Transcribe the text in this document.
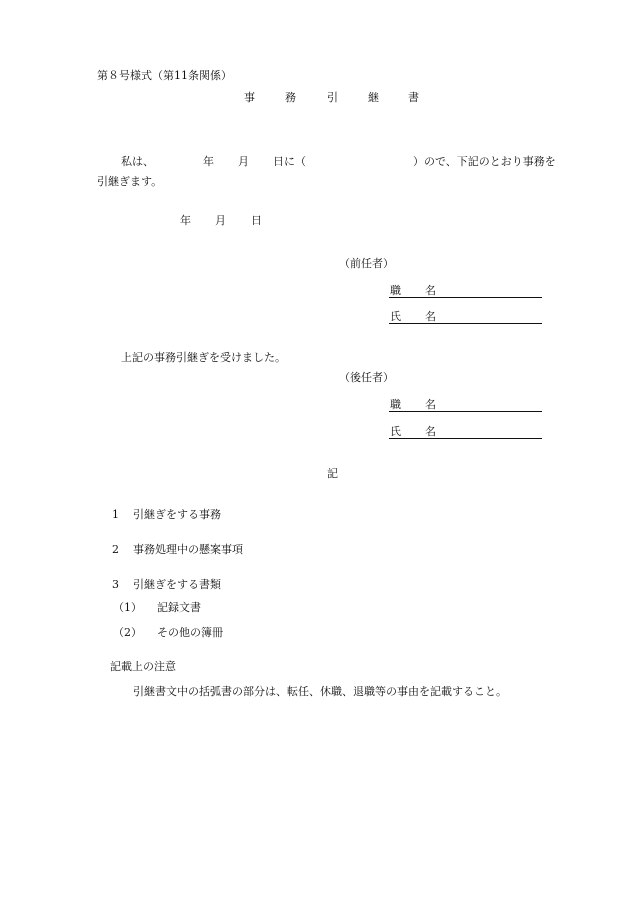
第８号様式（第11条関係）
事	務	引	継	書
私は、	年 月 日に（	）ので、下記のとおり事務を
引継ぎます。
年 月 日
（前任者）
職 名
氏 名
上記の事務引継ぎを受けました。
（後任者）
職 名
氏 名
記
1 引継ぎをする事務
2 事務処理中の懸案事項
3 引継ぎをする書類
（1） 記録文書
（2） その他の簿冊
記載上の注意
引継書文中の括弧書の部分は、転任、休職、退職等の事由を記載すること。
